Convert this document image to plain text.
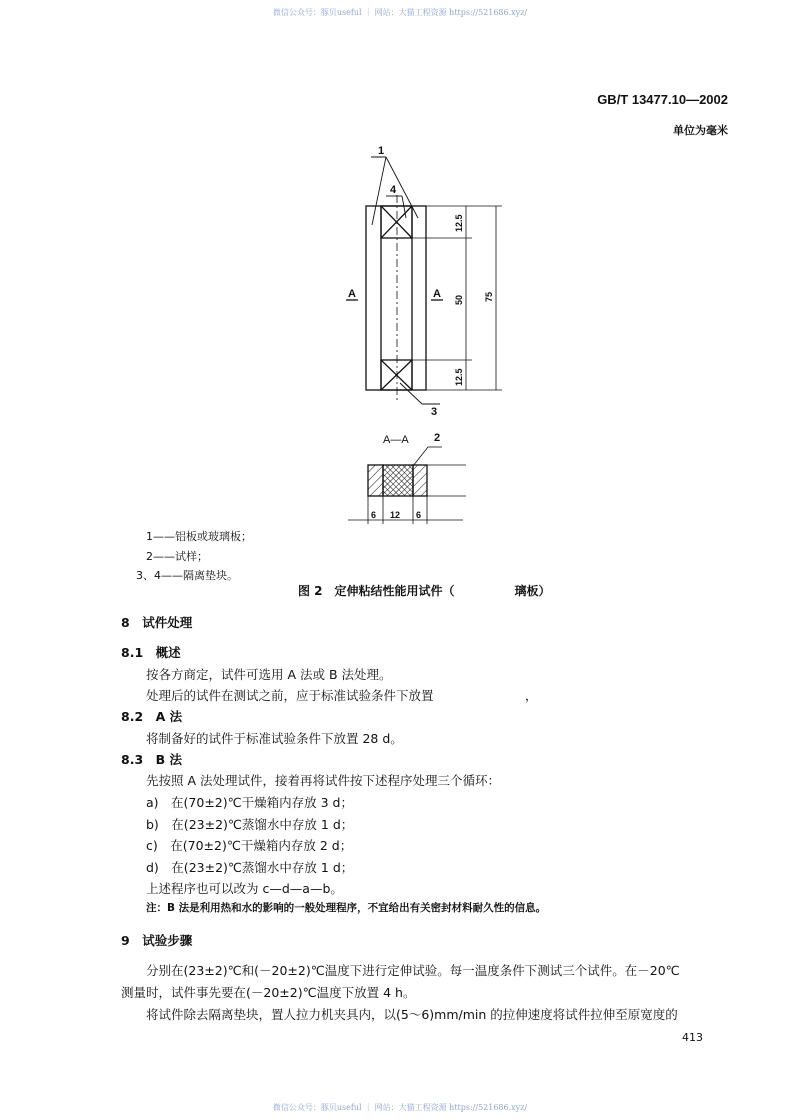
微信公众号：豚贝useful ｜ 网站：大猫工程资源 https://521686.xyz/
GB/T 13477.10—2002
单位为毫米
1
4
3
A	A
12.5
50
12.5
75
A—A 2
6 12 6
1——铝板或玻璃板；
2——试样；
3、4——隔离垫块。
图 2　定伸粘结性能用试件（　　　　　璃板）
8　试件处理
8.1　概述
按各方商定，试件可选用 A 法或 B 法处理。
处理后的试件在测试之前，应于标准试验条件下放置	，
8.2　A 法
将制备好的试件于标准试验条件下放置 28 d。
8.3　B 法
先按照 A 法处理试件，接着再将试件按下述程序处理三个循环：
a)　在(70±2)℃干燥箱内存放 3 d；
b)　在(23±2)℃蒸馏水中存放 1 d；
c)　在(70±2)℃干燥箱内存放 2 d；
d)　在(23±2)℃蒸馏水中存放 1 d；
上述程序也可以改为 c—d—a—b。
注：B 法是利用热和水的影响的一般处理程序，不宜给出有关密封材料耐久性的信息。
9　试验步骤
分别在(23±2)℃和(－20±2)℃温度下进行定伸试验。每一温度条件下测试三个试件。在－20℃
测量时，试件事先要在(－20±2)℃温度下放置 4 h。
将试件除去隔离垫块，置人拉力机夹具内，以(5～6)mm/min 的拉伸速度将试件拉伸至原宽度的
413
微信公众号：豚贝useful ｜ 网站：大猫工程资源 https://521686.xyz/
